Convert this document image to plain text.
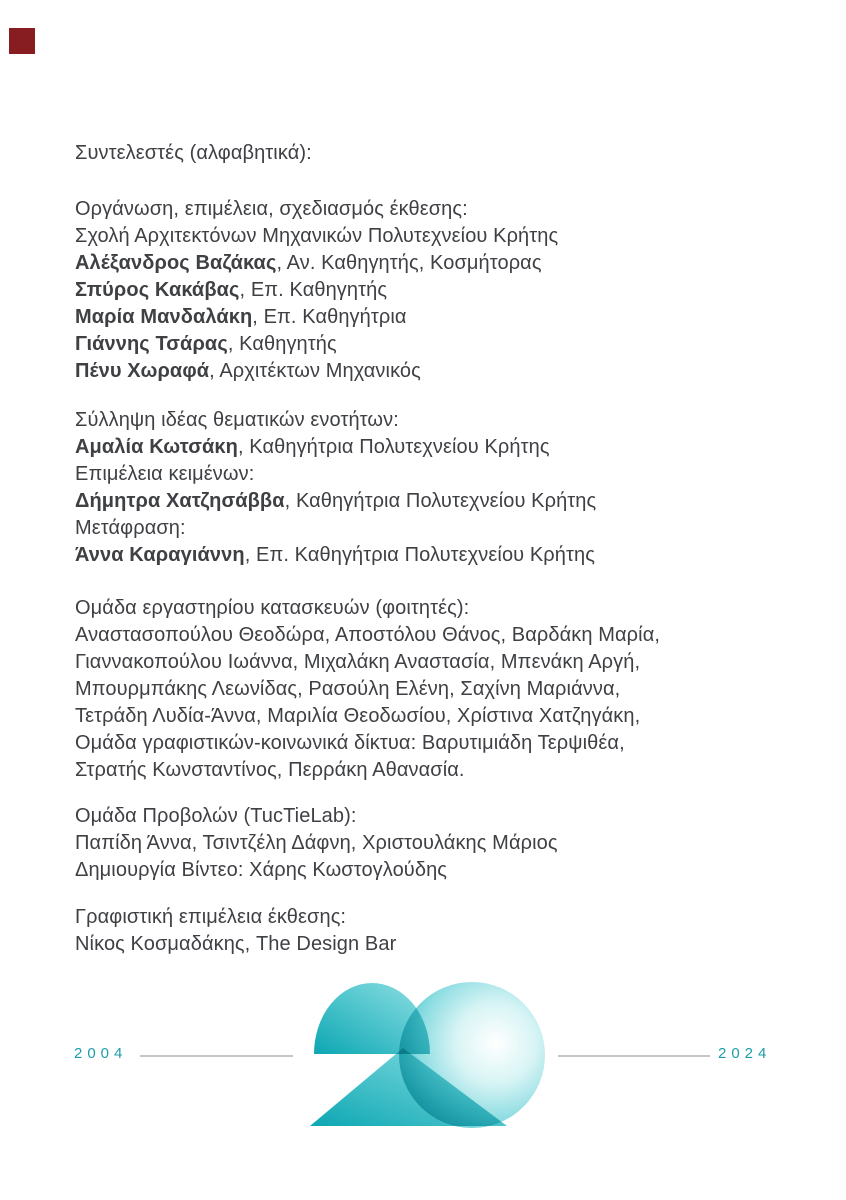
Συντελεστές (αλφαβητικά):
Οργάνωση, επιμέλεια, σχεδιασμός έκθεσης:
Σχολή Αρχιτεκτόνων Μηχανικών Πολυτεχνείου Κρήτης
Αλέξανδρος Βαζάκας, Αν. Καθηγητής, Κοσμήτορας
Σπύρος Κακάβας, Επ. Καθηγητής
Μαρία Μανδαλάκη, Επ. Καθηγήτρια
Γιάννης Τσάρας, Καθηγητής
Πένυ Χωραφά, Αρχιτέκτων Μηχανικός
Σύλληψη ιδέας θεματικών ενοτήτων:
Αμαλία Κωτσάκη, Καθηγήτρια Πολυτεχνείου Κρήτης
Επιμέλεια κειμένων:
Δήμητρα Χατζησάββα, Καθηγήτρια Πολυτεχνείου Κρήτης
Μετάφραση:
Άννα Καραγιάννη, Επ. Καθηγήτρια Πολυτεχνείου Κρήτης
Ομάδα εργαστηρίου κατασκευών (φοιτητές):
Αναστασοπούλου Θεοδώρα, Αποστόλου Θάνος, Βαρδάκη Μαρία,
Γιαννακοπούλου Ιωάννα, Μιχαλάκη Αναστασία, Μπενάκη Αργή,
Μπουρμπάκης Λεωνίδας, Ρασούλη Ελένη, Σαχίνη Μαριάννα,
Τετράδη Λυδία-Άννα, Μαριλία Θεοδωσίου, Χρίστινα Χατζηγάκη,
Ομάδα γραφιστικών-κοινωνικά δίκτυα: Βαρυτιμιάδη Τερψιθέα,
Στρατής Κωνσταντίνος, Περράκη Αθανασία.
Ομάδα Προβολών (TucTieLab):
Παπίδη Άννα, Τσιντζέλη Δάφνη, Χριστουλάκης Μάριος
Δημιουργία Βίντεο: Χάρης Κωστογλούδης
Γραφιστική επιμέλεια έκθεσης:
Νίκος Κοσμαδάκης, The Design Bar
2004	2024
